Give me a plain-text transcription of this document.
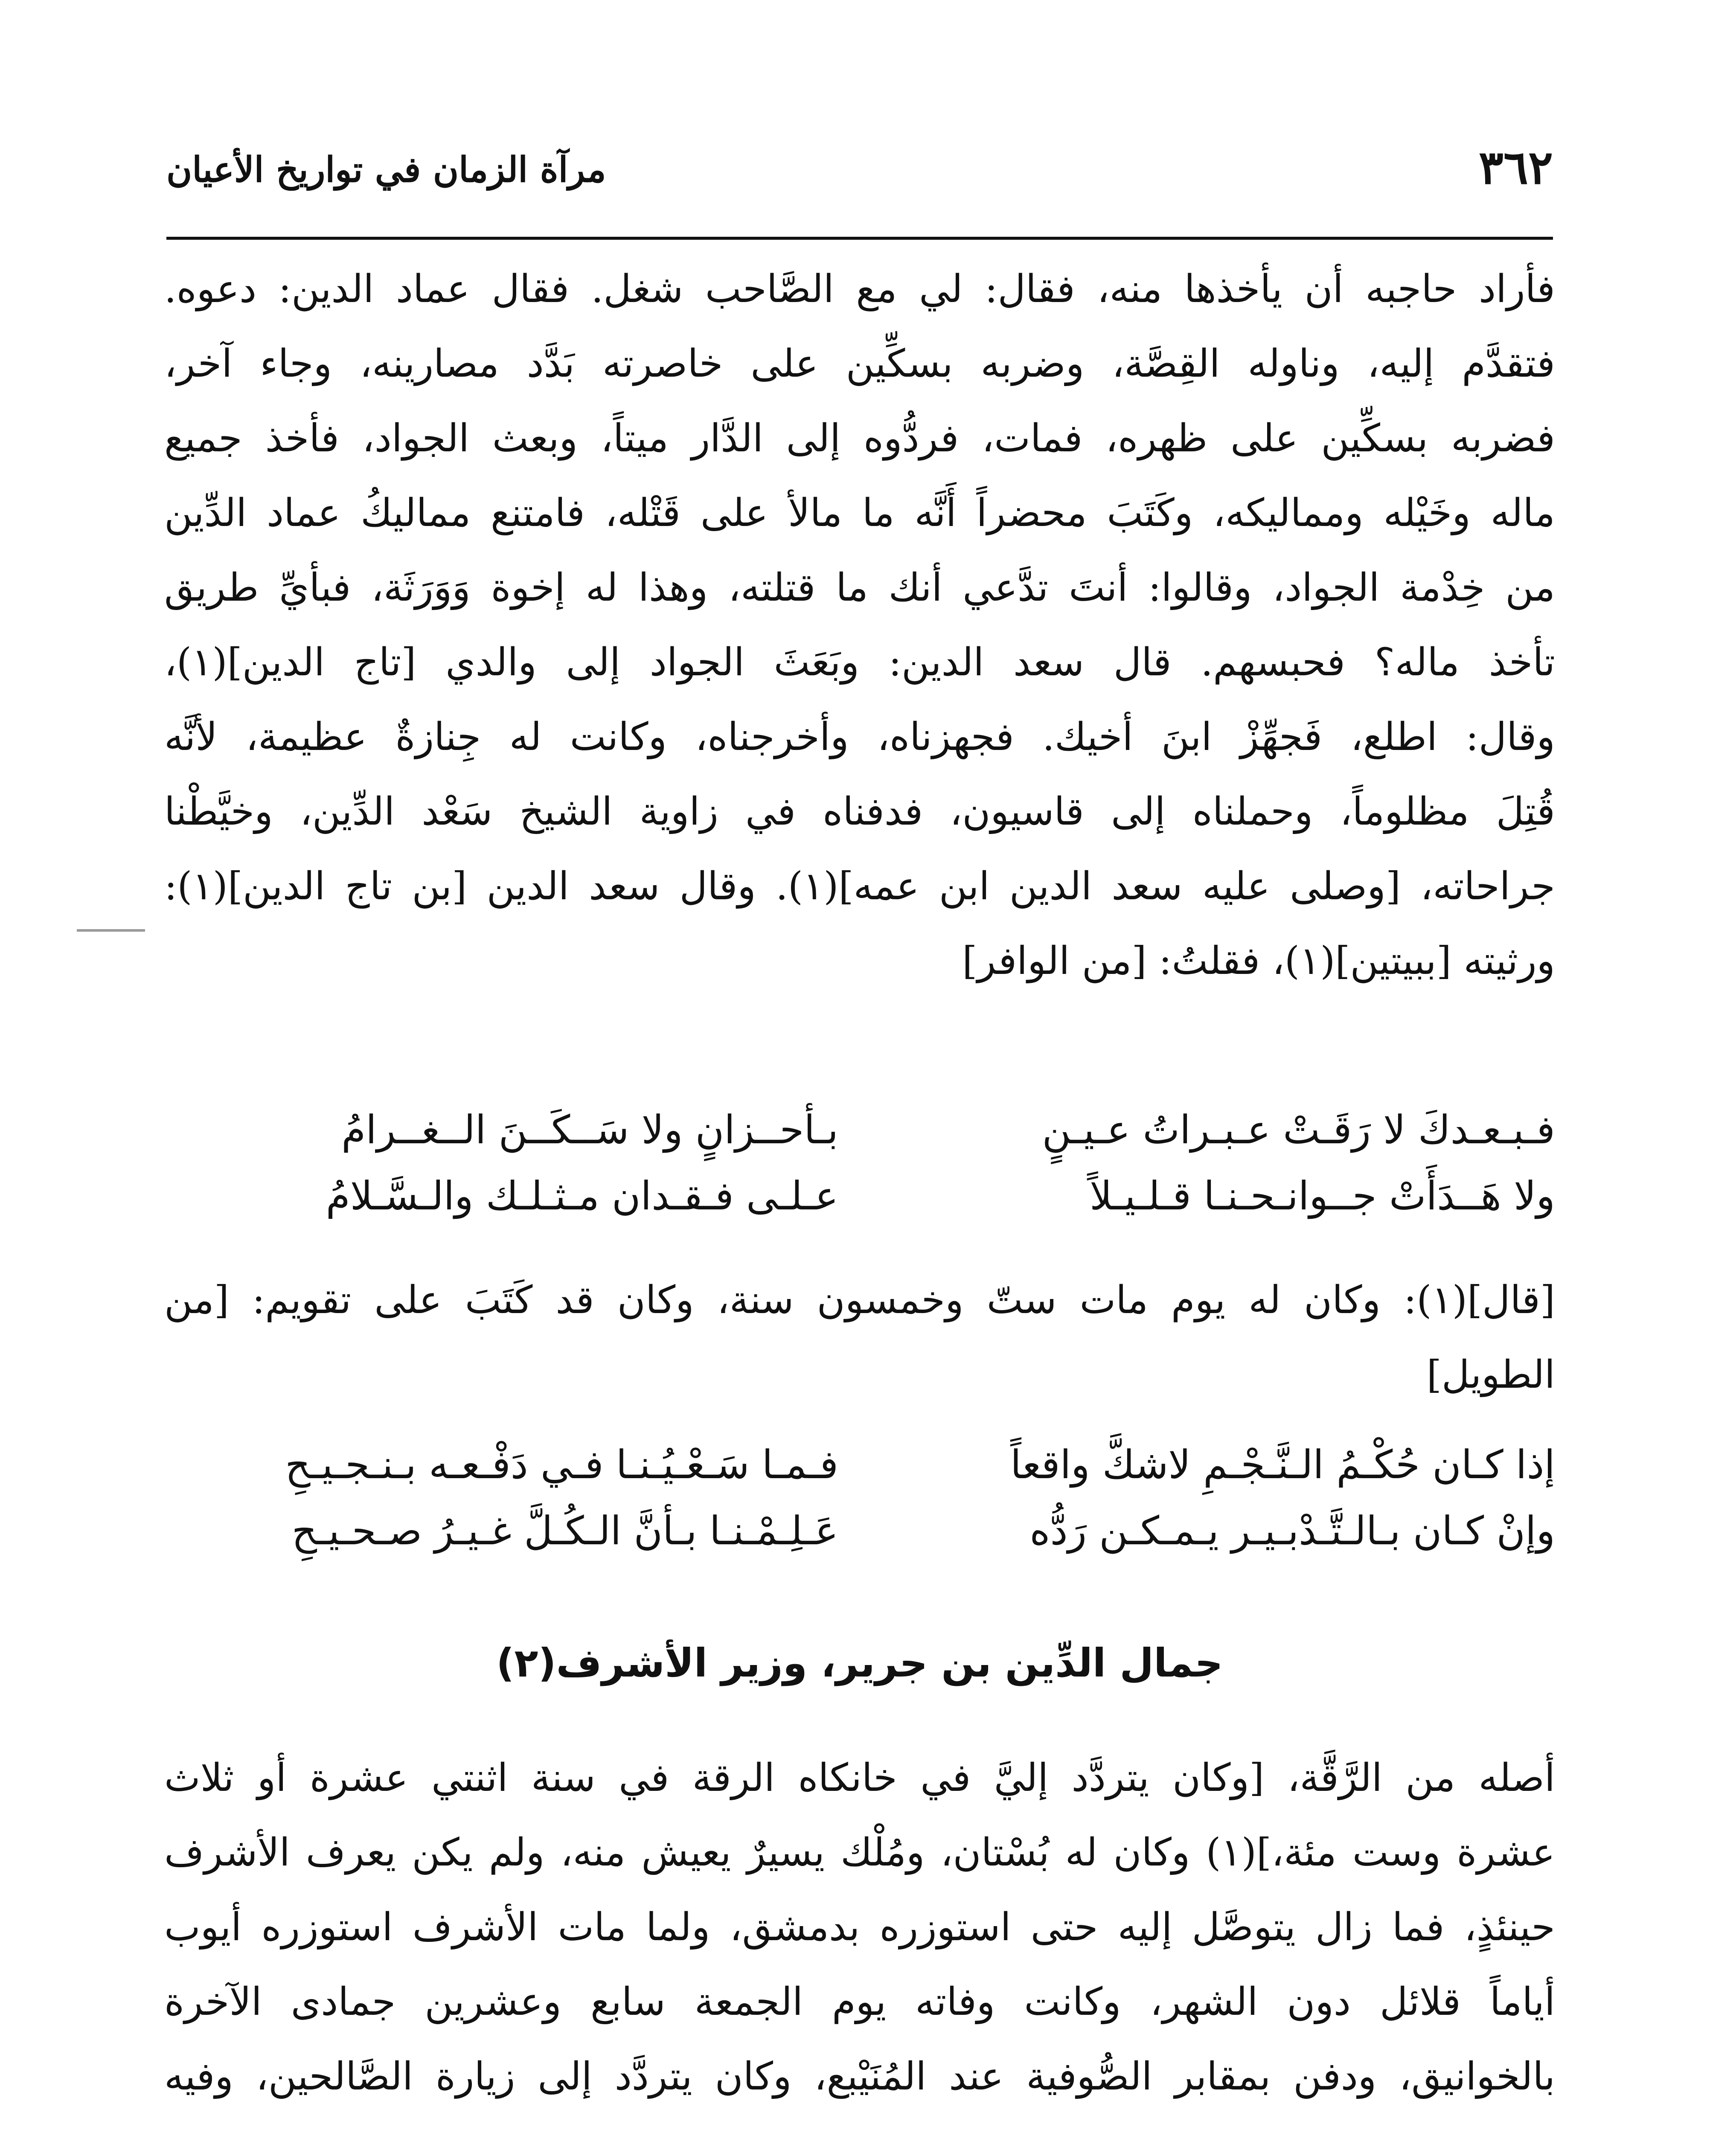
٣٦٢
مرآة الزمان في تواريخ الأعيان

فأراد حاجبه أن يأخذها منه، فقال: لي مع الصَّاحب شغل. فقال عماد الدين: دعوه.

فتقدَّم إليه، وناوله القِصَّة، وضربه بسكِّين على خاصرته بَدَّد مصارينه، وجاء آخر،

فضربه بسكِّين على ظهره، فمات، فردُّوه إلى الدَّار ميتاً، وبعث الجواد، فأخذ جميع

ماله وخَيْله ومماليكه، وكَتَبَ محضراً أَنَّه ما مالأ على قَتْله، فامتنع مماليكُ عماد الدِّين

من خِدْمة الجواد، وقالوا: أنتَ تدَّعي أنك ما قتلته، وهذا له إخوة وَوَرَثَة، فبأيِّ طريق

تأخذ ماله؟ فحبسهم. قال سعد الدين: وبَعَثَ الجواد إلى والدي [تاج الدين](١)،

وقال: اطلع، فَجهِّزْ ابنَ أخيك. فجهزناه، وأخرجناه، وكانت له جِنازةٌ عظيمة، لأنَّه

قُتِلَ مظلوماً، وحملناه إلى قاسيون، فدفناه في زاوية الشيخ سَعْد الدِّين، وخيَّطْنا

جراحاته، [وصلى عليه سعد الدين ابن عمه](١). وقال سعد الدين [بن تاج الدين](١):

ورثيته [ببيتين](١)، فقلتُ: [من الوافر]

فـبـعـدكَ لا رَقَـتْ عـبـراتُ عـيـنٍ
بـأحــزانٍ ولا سَــكَــنَ الــغــرامُ
ولا هَــدَأَتْ جــوانـحـنـا قـلـيـلاً
عـلـى فـقـدان مـثـلـك والـسَّـلامُ

[قال](١): وكان له يوم مات ستّ وخمسون سنة، وكان قد كَتَبَ على تقويم: [من

الطويل]

إذا كـان حُكْـمُ الـنَّـجْـمِ لاشكَّ واقعاً
فـمـا سَـعْـيُـنـا فـي دَفْـعـه بـنـجـيـحِ
وإنْ كـان بـالـتَّـدْبـيـر يـمـكـن رَدُّه
عَـلِـمْـنـا بـأنَّ الـكُـلَّ غـيـرُ صـحـيـحِ
جمال الدِّين بن جرير، وزير الأشرف(٢)

أصله من الرَّقَّة، [وكان يتردَّد إليَّ في خانكاه الرقة في سنة اثنتي عشرة أو ثلاث

عشرة وست مئة،](١) وكان له بُسْتان، ومُلْك يسيرٌ يعيش منه، ولم يكن يعرف الأشرف

حينئذٍ، فما زال يتوصَّل إليه حتى استوزره بدمشق، ولما مات الأشرف استوزره أيوب

أياماً قلائل دون الشهر، وكانت وفاته يوم الجمعة سابع وعشرين جمادى الآخرة

بالخوانيق، ودفن بمقابر الصُّوفية عند المُنَيْبع، وكان يتردَّد إلى زيارة الصَّالحين، وفيه
